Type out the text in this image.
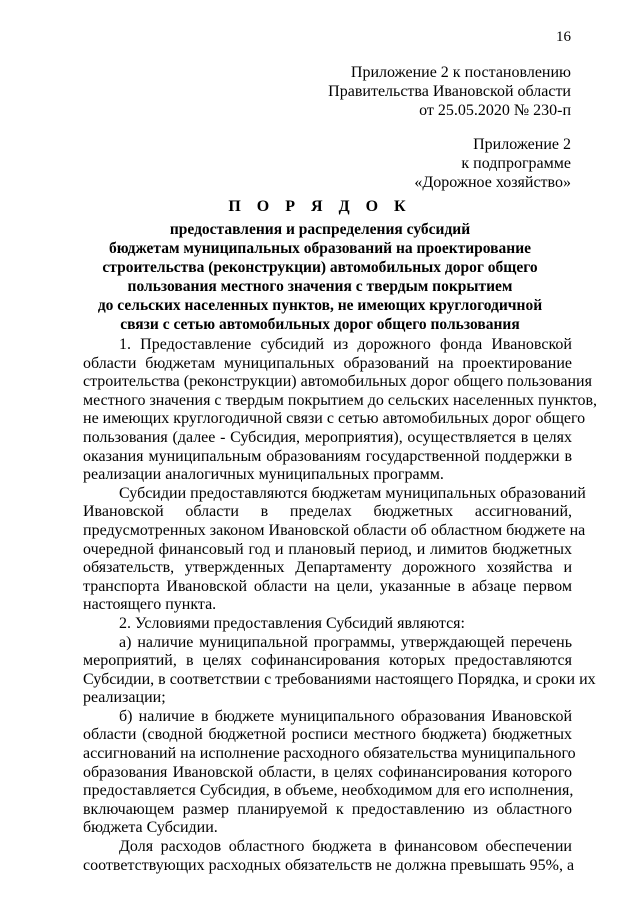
16
Приложение 2 к постановлению
Правительства Ивановской области
от 25.05.2020 № 230-п
Приложение 2
к подпрограмме
«Дорожное хозяйство»
П О Р Я Д О К
предоставления и распределения субсидий
бюджетам муниципальных образований на проектирование
строительства (реконструкции) автомобильных дорог общего
пользования местного значения с твердым покрытием
до сельских населенных пунктов, не имеющих круглогодичной
связи с сетью автомобильных дорог общего пользования
1. Предоставление субсидий из дорожного фонда Ивановской
области бюджетам муниципальных образований на проектирование
строительства (реконструкции) автомобильных дорог общего пользования
местного значения с твердым покрытием до сельских населенных пунктов,
не имеющих круглогодичной связи с сетью автомобильных дорог общего
пользования (далее - Субсидия, мероприятия), осуществляется в целях
оказания муниципальным образованиям государственной поддержки в
реализации аналогичных муниципальных программ.
Субсидии предоставляются бюджетам муниципальных образований
Ивановской области в пределах бюджетных ассигнований,
предусмотренных законом Ивановской области об областном бюджете на
очередной финансовый год и плановый период, и лимитов бюджетных
обязательств, утвержденных Департаменту дорожного хозяйства и
транспорта Ивановской области на цели, указанные в абзаце первом
настоящего пункта.
2. Условиями предоставления Субсидий являются:
а) наличие муниципальной программы, утверждающей перечень
мероприятий, в целях софинансирования которых предоставляются
Субсидии, в соответствии с требованиями настоящего Порядка, и сроки их
реализации;
б) наличие в бюджете муниципального образования Ивановской
области (сводной бюджетной росписи местного бюджета) бюджетных
ассигнований на исполнение расходного обязательства муниципального
образования Ивановской области, в целях софинансирования которого
предоставляется Субсидия, в объеме, необходимом для его исполнения,
включающем размер планируемой к предоставлению из областного
бюджета Субсидии.
Доля расходов областного бюджета в финансовом обеспечении
соответствующих расходных обязательств не должна превышать 95%, а
